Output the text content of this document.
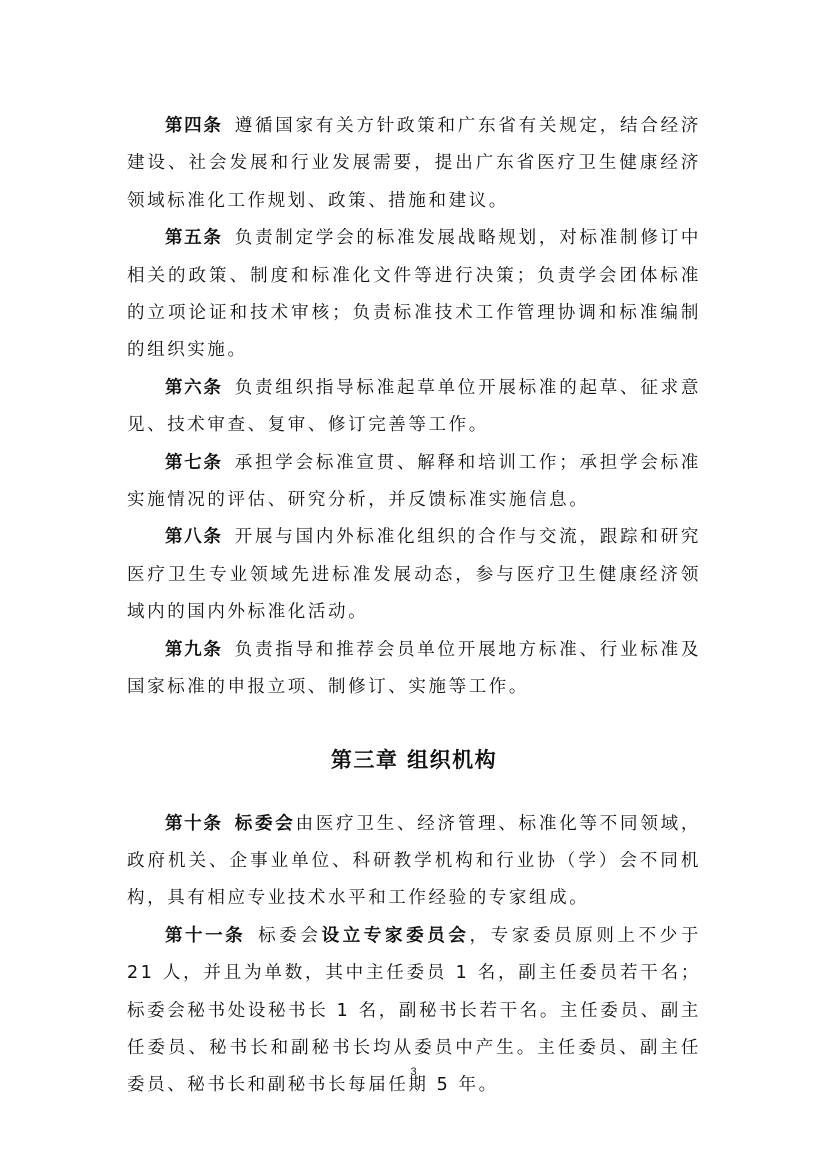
第四条 遵循国家有关方针政策和广东省有关规定，结合经济建设、社会发展和行业发展需要，提出广东省医疗卫生健康经济领域标准化工作规划、政策、措施和建议。

第五条 负责制定学会的标准发展战略规划，对标准制修订中相关的政策、制度和标准化文件等进行决策；负责学会团体标准的立项论证和技术审核；负责标准技术工作管理协调和标准编制的组织实施。

第六条 负责组织指导标准起草单位开展标准的起草、征求意见、技术审查、复审、修订完善等工作。

第七条 承担学会标准宣贯、解释和培训工作；承担学会标准实施情况的评估、研究分析，并反馈标准实施信息。

第八条 开展与国内外标准化组织的合作与交流，跟踪和研究医疗卫生专业领域先进标准发展动态，参与医疗卫生健康经济领域内的国内外标准化活动。

第九条 负责指导和推荐会员单位开展地方标准、行业标准及国家标准的申报立项、制修订、实施等工作。

第三章 组织机构

第十条 标委会由医疗卫生、经济管理、标准化等不同领域，政府机关、企事业单位、科研教学机构和行业协（学）会不同机构，具有相应专业技术水平和工作经验的专家组成。

第十一条 标委会设立专家委员会，专家委员原则上不少于 21 人，并且为单数，其中主任委员 1 名，副主任委员若干名；标委会秘书处设秘书长 1 名，副秘书长若干名。主任委员、副主任委员、秘书长和副秘书长均从委员中产生。主任委员、副主任委员、秘书长和副秘书长每届任期 5 年。

3
